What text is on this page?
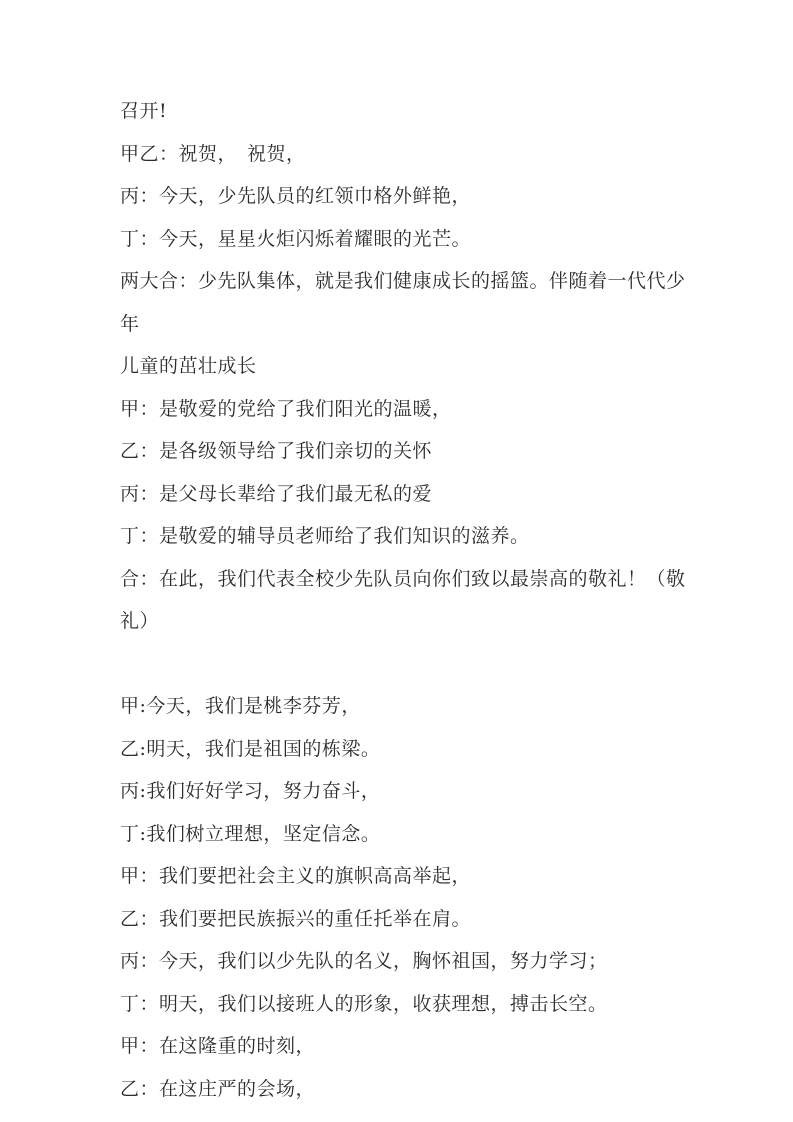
召开!

甲乙：祝贺，　祝贺，

丙：今天，少先队员的红领巾格外鲜艳，

丁：今天，星星火炬闪烁着耀眼的光芒。

两大合：少先队集体，就是我们健康成长的摇篮。伴随着一代代少年

儿童的茁壮成长

甲：是敬爱的党给了我们阳光的温暖，

乙：是各级领导给了我们亲切的关怀

丙：是父母长辈给了我们最无私的爱

丁：是敬爱的辅导员老师给了我们知识的滋养。

合：在此，我们代表全校少先队员向你们致以最崇高的敬礼！（敬礼）

甲:今天，我们是桃李芬芳，

乙:明天，我们是祖国的栋梁。

丙:我们好好学习，努力奋斗，

丁:我们树立理想，坚定信念。

甲：我们要把社会主义的旗帜高高举起，

乙：我们要把民族振兴的重任托举在肩。

丙：今天，我们以少先队的名义，胸怀祖国，努力学习；

丁：明天，我们以接班人的形象，收获理想，搏击长空。

甲：在这隆重的时刻，

乙：在这庄严的会场，
